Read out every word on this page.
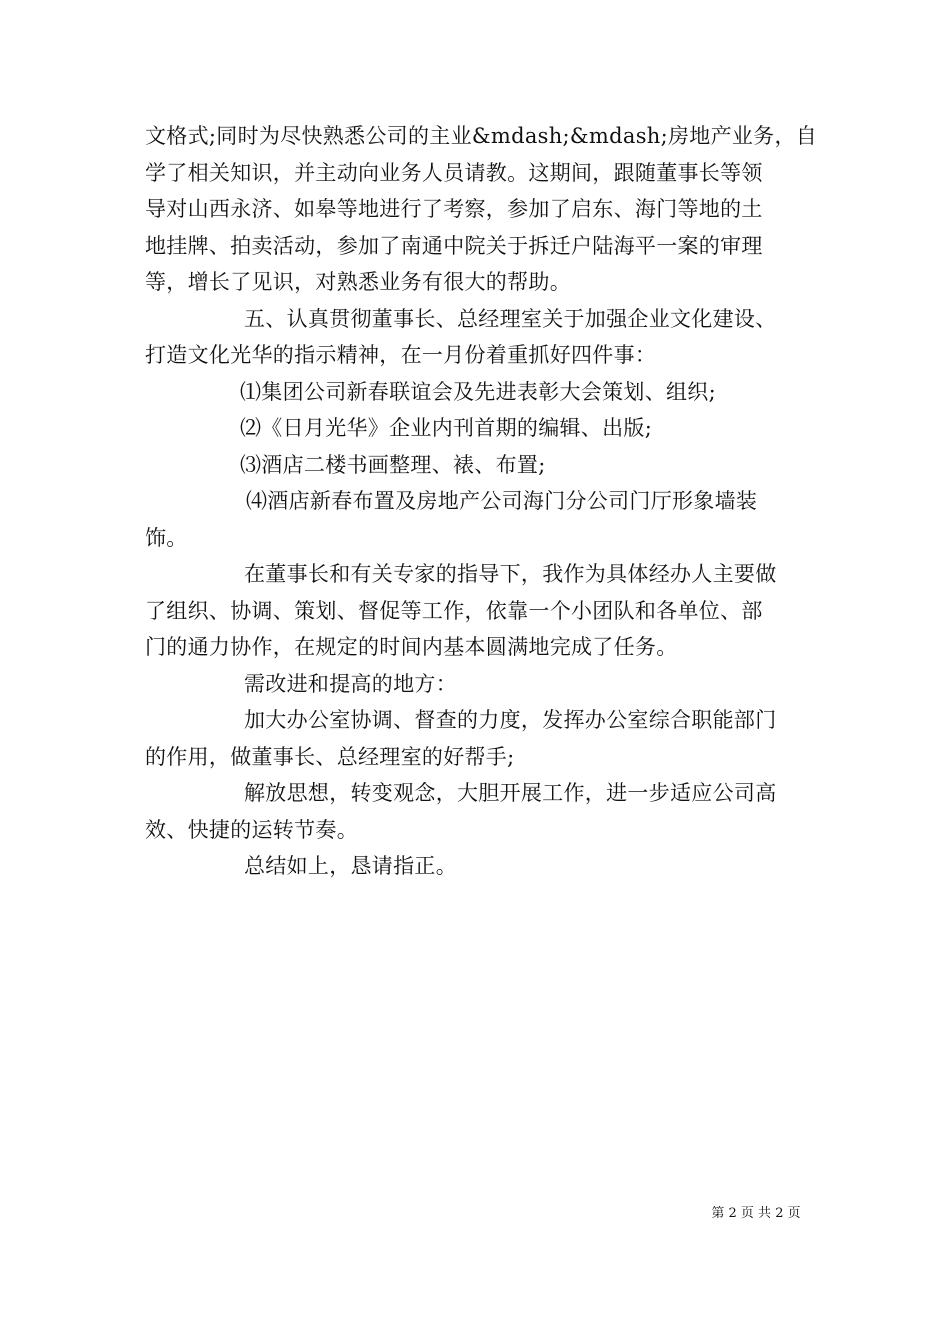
文格式;同时为尽快熟悉公司的主业&mdash;&mdash;房地产业务，自
学了相关知识，并主动向业务人员请教。这期间，跟随董事长等领
导对山西永济、如皋等地进行了考察，参加了启东、海门等地的土
地挂牌、拍卖活动，参加了南通中院关于拆迁户陆海平一案的审理
等，增长了见识，对熟悉业务有很大的帮助。
五、认真贯彻董事长、总经理室关于加强企业文化建设、
打造文化光华的指示精神，在一月份着重抓好四件事：
⑴集团公司新春联谊会及先进表彰大会策划、组织;
⑵《日月光华》企业内刊首期的编辑、出版;
⑶酒店二楼书画整理、裱、布置;
⑷酒店新春布置及房地产公司海门分公司门厅形象墙装
饰。
在董事长和有关专家的指导下，我作为具体经办人主要做
了组织、协调、策划、督促等工作，依靠一个小团队和各单位、部
门的通力协作，在规定的时间内基本圆满地完成了任务。
需改进和提高的地方：
加大办公室协调、督查的力度，发挥办公室综合职能部门
的作用，做董事长、总经理室的好帮手;
解放思想，转变观念，大胆开展工作，进一步适应公司高
效、快捷的运转节奏。
总结如上，恳请指正。
第 2 页 共 2 页
